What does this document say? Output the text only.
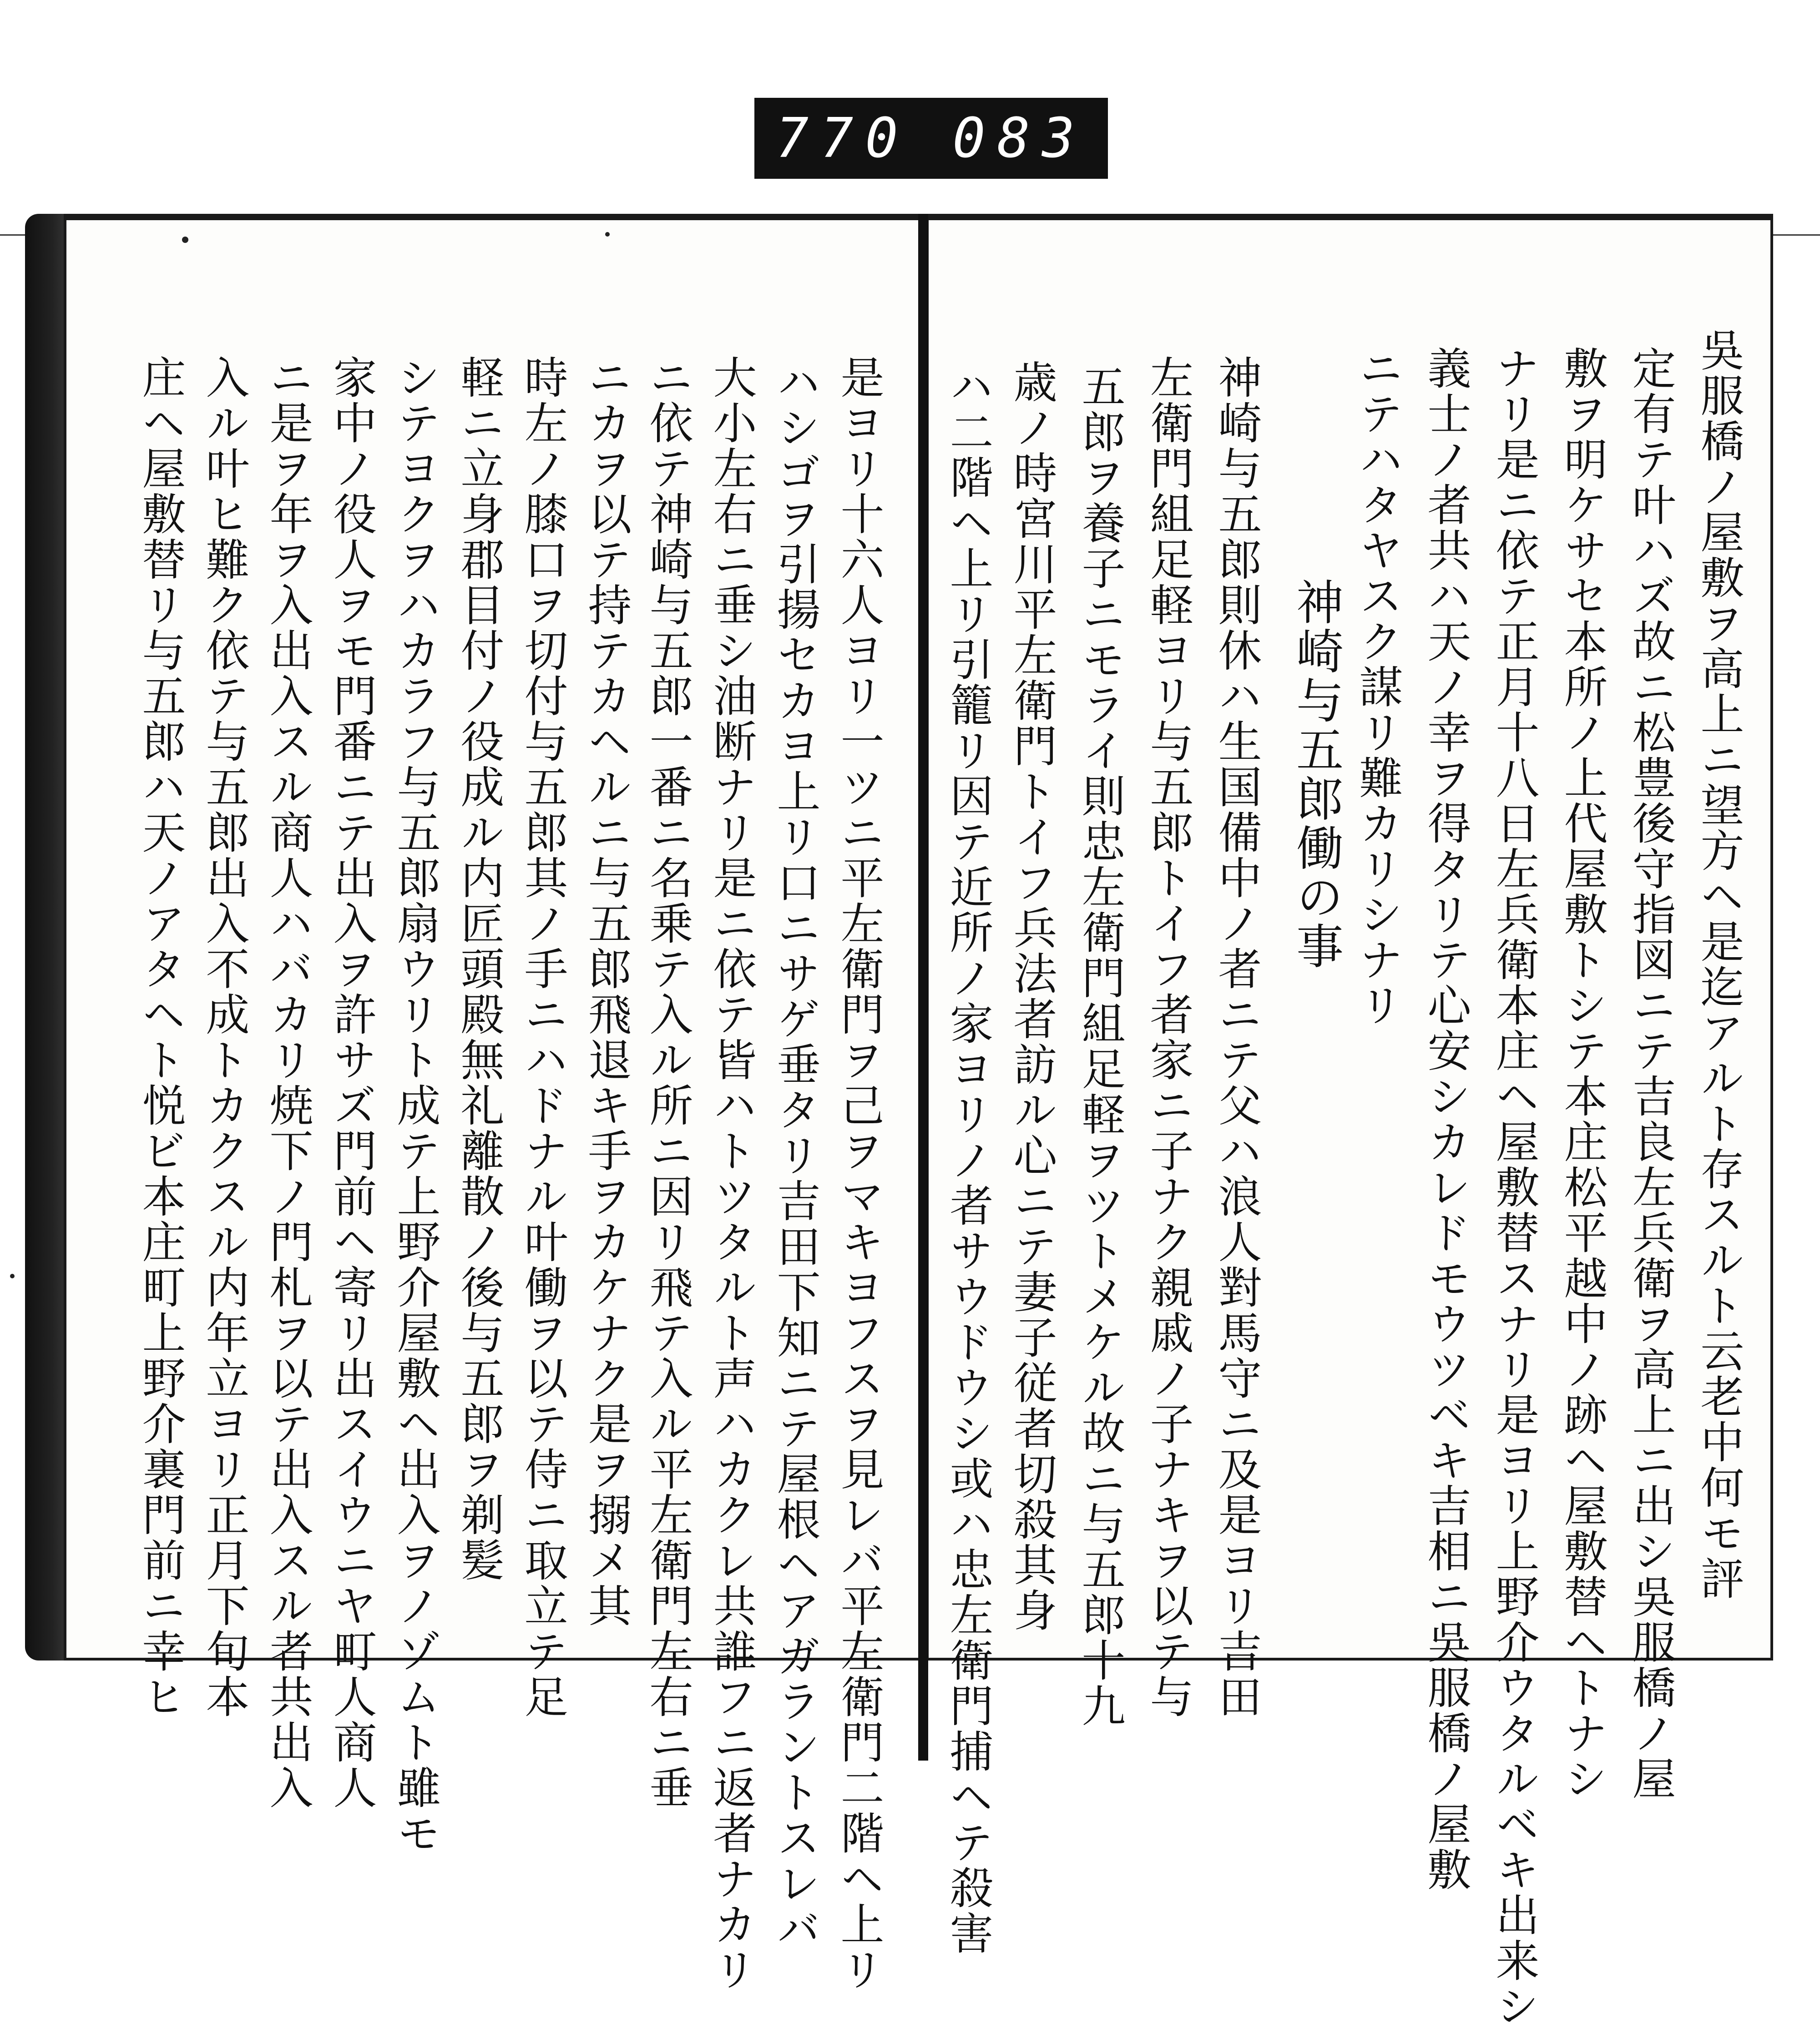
770 083
吳服橋ノ屋敷ヲ高上ニ望方ヘ是迄アルト存スルト云老中何モ評
定有テ叶ハズ故ニ松豊後守指図ニテ吉良左兵衛ヲ高上ニ出シ吳服橋ノ屋
敷ヲ明ケサセ本所ノ上代屋敷トシテ本庄松平越中ノ跡ヘ屋敷替ヘトナシ
ナリ是ニ依テ正月十八日左兵衛本庄ヘ屋敷替スナリ是ヨリ上野介ウタルベキ出来シ
義士ノ者共ハ天ノ幸ヲ得タリテ心安シカレドモウツベキ吉相ニ吳服橋ノ屋敷
ニテハタヤスク謀リ難カリシナリ
神崎与五郎働の事
神崎与五郎則休ハ生国備中ノ者ニテ父ハ浪人對馬守ニ及是ヨリ吉田
左衛門組足軽ヨリ与五郎トイフ者家ニ子ナク親戚ノ子ナキヲ以テ与
五郎ヲ養子ニモライ則忠左衛門組足軽ヲツトメケル故ニ与五郎十九
歳ノ時宮川平左衛門トイフ兵法者訪ル心ニテ妻子従者切殺其身
ハ二階ヘ上リ引籠リ因テ近所ノ家ヨリノ者サウドウシ或ハ忠左衛門捕ヘテ殺害
是ヨリ十六人ヨリ一ツニ平左衛門ヲ己ヲマキヨフスヲ見レバ平左衛門二階ヘ上リ
ハシゴヲ引揚セカヨ上リ口ニサゲ垂タリ吉田下知ニテ屋根ヘアガラントスレバ
大小左右ニ垂シ油断ナリ是ニ依テ皆ハトツタルト声ハカクレ共誰フニ返者ナカリ
ニ依テ神崎与五郎一番ニ名乗テ入ル所ニ因リ飛テ入ル平左衛門左右ニ垂
ニカヲ以テ持テカヘルニ与五郎飛退キ手ヲカケナク是ヲ搦メ其
時左ノ膝口ヲ切付与五郎其ノ手ニハドナル叶働ヲ以テ侍ニ取立テ足
軽ニ立身郡目付ノ役成ル内匠頭殿無礼離散ノ後与五郎ヲ剃髪
シテヨクヲハカラフ与五郎扇ウリト成テ上野介屋敷ヘ出入ヲノゾムト雖モ
家中ノ役人ヲモ門番ニテ出入ヲ許サズ門前ヘ寄リ出スイウニヤ町人商人
ニ是ヲ年ヲ入出入スル商人ハバカリ焼下ノ門札ヲ以テ出入スル者共出入
入ル叶ヒ難ク依テ与五郎出入不成トカクスル内年立ヨリ正月下旬本
庄ヘ屋敷替リ与五郎ハ天ノアタヘト悦ビ本庄町上野介裏門前ニ幸ヒ
